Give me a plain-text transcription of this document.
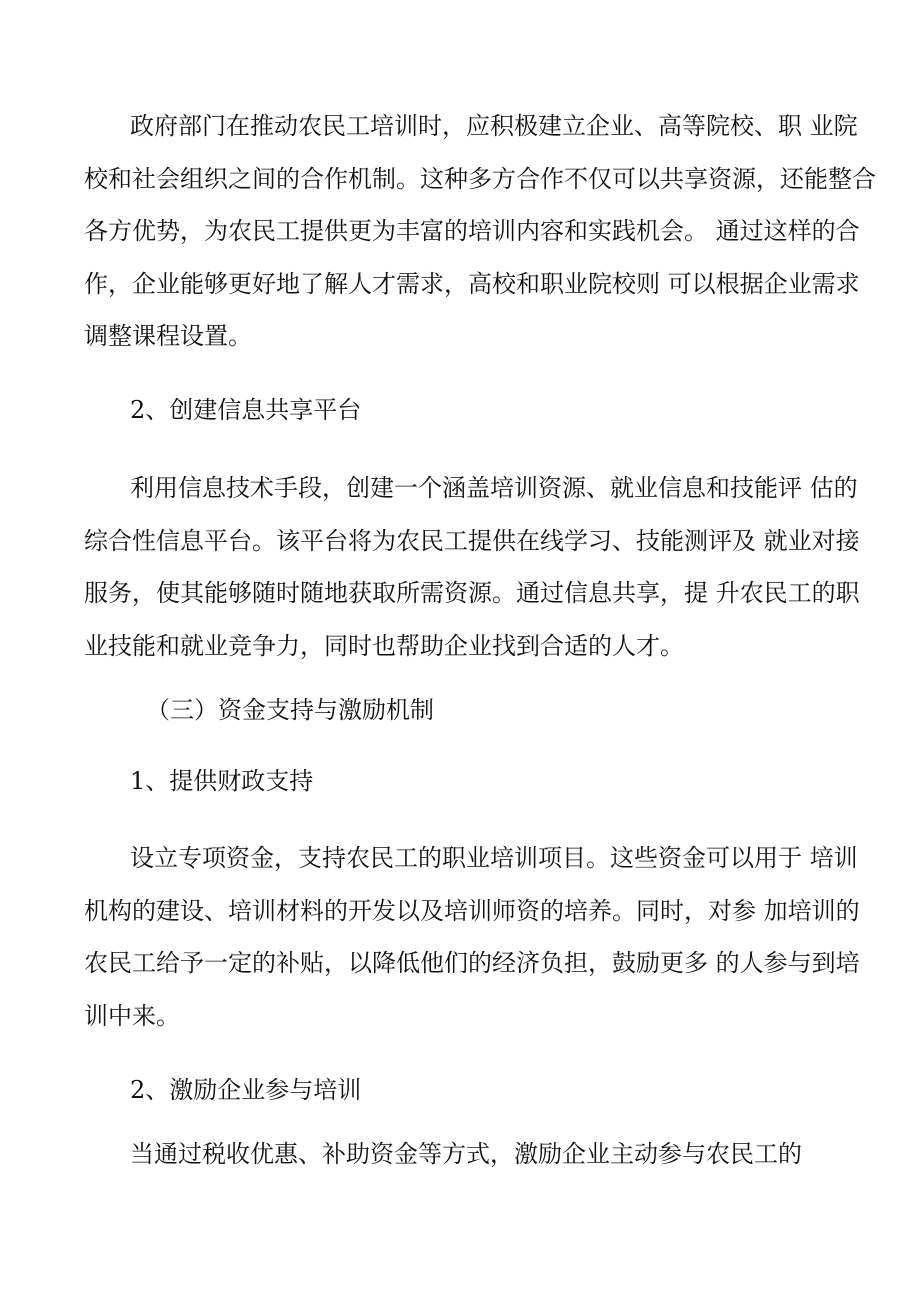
政府部门在推动农民工培训时，应积极建立企业、高等院校、职 业院
校和社会组织之间的合作机制。这种多方合作不仅可以共享资源，还能整合
各方优势，为农民工提供更为丰富的培训内容和实践机会。 通过这样的合
作，企业能够更好地了解人才需求，高校和职业院校则 可以根据企业需求
调整课程设置。
2、创建信息共享平台
利用信息技术手段，创建一个涵盖培训资源、就业信息和技能评 估的
综合性信息平台。该平台将为农民工提供在线学习、技能测评及 就业对接
服务，使其能够随时随地获取所需资源。通过信息共享，提 升农民工的职
业技能和就业竞争力，同时也帮助企业找到合适的人才。
（三）资金支持与激励机制
1、提供财政支持
设立专项资金，支持农民工的职业培训项目。这些资金可以用于 培训
机构的建设、培训材料的开发以及培训师资的培养。同时，对参 加培训的
农民工给予一定的补贴，以降低他们的经济负担，鼓励更多 的人参与到培
训中来。
2、激励企业参与培训
当通过税收优惠、补助资金等方式，激励企业主动参与农民工的
